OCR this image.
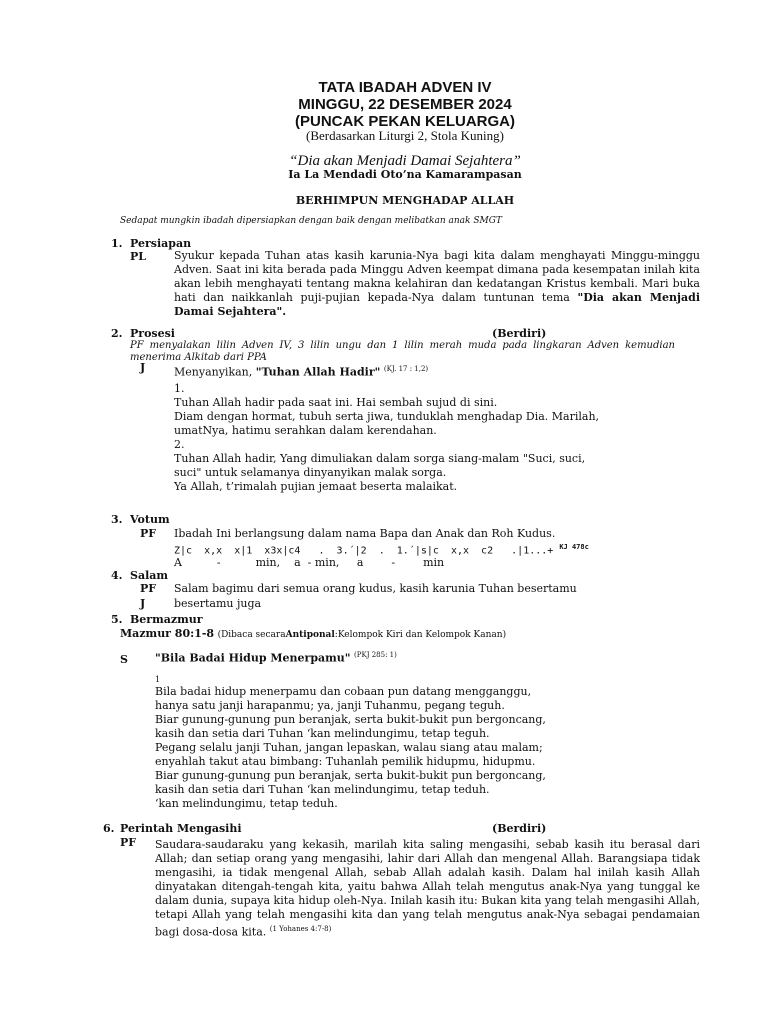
TATA IBADAH ADVEN IV
MINGGU, 22 DESEMBER 2024
(PUNCAK PEKAN KELUARGA)
(Berdasarkan Liturgi 2, Stola Kuning)
“Dia akan Menjadi Damai Sejahtera”
Ia La Mendadi Oto’na Kamarampasan
BERHIMPUN MENGHADAP ALLAH
Sedapat mungkin ibadah dipersiapkan dengan baik dengan melibatkan anak SMGT
1. Persiapan
PL	Syukur kepada Tuhan atas kasih karunia-Nya bagi kita dalam menghayati Minggu-minggu Adven. Saat ini kita berada pada Minggu Adven keempat dimana pada kesempatan inilah kita akan lebih menghayati tentang makna kelahiran dan kedatangan Kristus kembali. Mari buka hati dan naikkanlah puji-pujian kepada-Nya dalam tuntunan tema "Dia akan Menjadi Damai Sejahtera".
2. Prosesi	(Berdiri)
PF menyalakan lilin Adven IV, 3 lilin ungu dan 1 lilin merah muda pada lingkaran Adven kemudian menerima Alkitab dari PPA
J	Menyanyikan, "Tuhan Allah Hadir" $^{(KJ. 17 : 1,2)}$
1.
Tuhan Allah hadir pada saat ini. Hai sembah sujud di sini.
Diam dengan hormat, tubuh serta jiwa, tunduklah menghadap Dia. Marilah,
umatNya, hatimu serahkan dalam kerendahan.
2.
Tuhan Allah hadir, Yang dimuliakan dalam sorga siang-malam "Suci, suci,
suci" untuk selamanya dinyanyikan malak sorga.
Ya Allah, t’rimalah pujian jemaat beserta malaikat.
3. Votum
PF Ibadah Ini berlangsung dalam nama Bapa dan Anak dan Roh Kudus.
Z|c  x,x  x|1  x3x|c4   .  3.´|2  .  1.´|s|c  x,x  c2   .|1...+ $^{KJ 478c}$
A          -          min,    a  - min,     a        -        min
4. Salam
PF Salam bagimu dari semua orang kudus, kasih karunia Tuhan besertamu
J	besertamu juga
5. Bermazmur
Mazmur 80:1-8 (Dibaca secaraAntiponal:Kelompok Kiri dan Kelompok Kanan)
S "Bila Badai Hidup Menerpamu" $^{(PKJ 285: 1)}$
1
Bila badai hidup menerpamu dan cobaan pun datang mengganggu,
hanya satu janji harapanmu; ya, janji Tuhanmu, pegang teguh.
Biar gunung-gunung pun beranjak, serta bukit-bukit pun bergoncang,
kasih dan setia dari Tuhan ‘kan melindungimu, tetap teguh.
Pegang selalu janji Tuhan, jangan lepaskan, walau siang atau malam;
enyahlah takut atau bimbang: Tuhanlah pemilik hidupmu, hidupmu.
Biar gunung-gunung pun beranjak, serta bukit-bukit pun bergoncang,
kasih dan setia dari Tuhan ‘kan melindungimu, tetap teduh.
‘kan melindungimu, tetap teduh.
6. Perintah Mengasihi	(Berdiri)
PF Saudara-saudaraku yang kekasih, marilah kita saling mengasihi, sebab kasih itu berasal dari Allah; dan setiap orang yang mengasihi, lahir dari Allah dan mengenal Allah. Barangsiapa tidak mengasihi, ia tidak mengenal Allah, sebab Allah adalah kasih. Dalam hal inilah kasih Allah dinyatakan ditengah-tengah kita, yaitu bahwa Allah telah mengutus anak-Nya yang tunggal ke dalam dunia, supaya kita hidup oleh-Nya. Inilah kasih itu: Bukan kita yang telah mengasihi Allah, tetapi Allah yang telah mengasihi kita dan yang telah mengutus anak-Nya sebagai pendamaian bagi dosa-dosa kita. $^{(1 Yohanes 4:7-8)}$
